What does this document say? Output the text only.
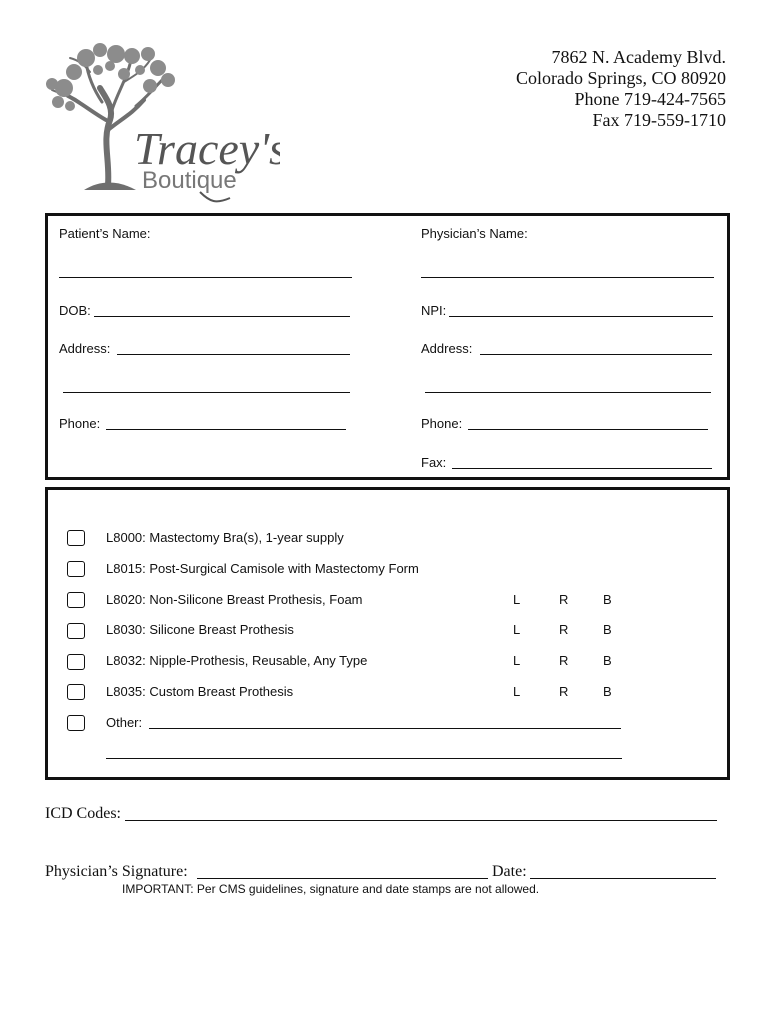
Tracey's
Boutique
7862 N. Academy Blvd.
Colorado Springs, CO 80920
Phone 719-424-7565
Fax 719-559-1710
Patient’s Name:
DOB:
Address:
Phone:
Physician’s Name:
NPI:
Address:
Phone:
Fax:
L8000: Mastectomy Bra(s), 1-year supply
L8015: Post-Surgical Camisole with Mastectomy Form
L8020: Non-Silicone Breast Prothesis, Foam	L	R	B
L8030: Silicone Breast Prothesis	L	R	B
L8032: Nipple-Prothesis, Reusable, Any Type	L	R	B
L8035: Custom Breast Prothesis	L	R	B
Other:
ICD Codes:
Physician’s Signature:	Date:
IMPORTANT: Per CMS guidelines, signature and date stamps are not allowed.
